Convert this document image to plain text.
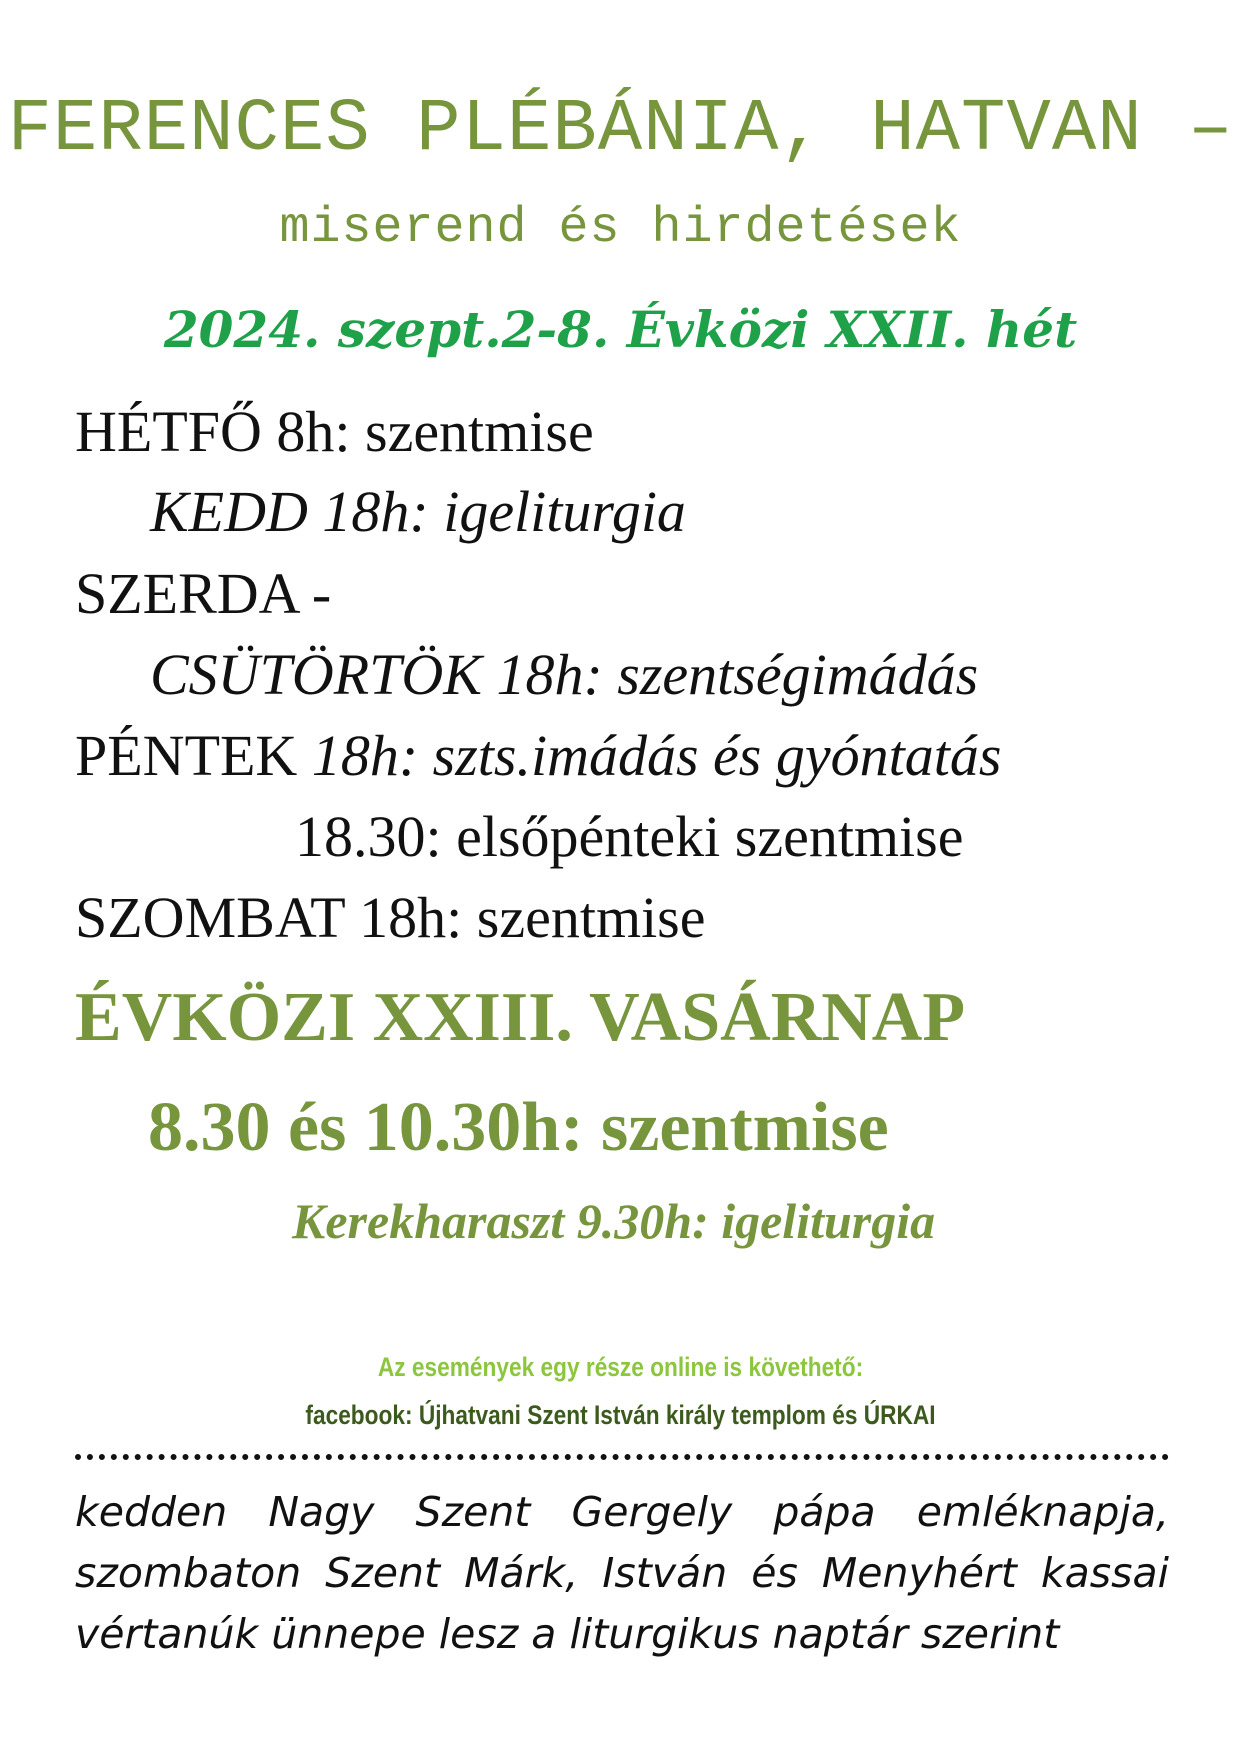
FERENCES PLÉBÁNIA, HATVAN –
miserend és hirdetések
2024. szept.2-8. Évközi XXII. hét
HÉTFŐ 8h: szentmise
KEDD 18h: igeliturgia
SZERDA -
CSÜTÖRTÖK 18h: szentségimádás
PÉNTEK 18h: szts.imádás és gyóntatás
18.30: elsőpénteki szentmise
SZOMBAT 18h: szentmise
ÉVKÖZI XXIII. VASÁRNAP
8.30 és 10.30h: szentmise
Kerekharaszt 9.30h: igeliturgia
Az események egy része online is követhető:
facebook: Újhatvani Szent István király templom és ÚRKAI
kedden Nagy Szent Gergely pápa emléknapja, szombaton Szent Márk, István és Menyhért kassai vértanúk ünnepe lesz a liturgikus naptár szerint
